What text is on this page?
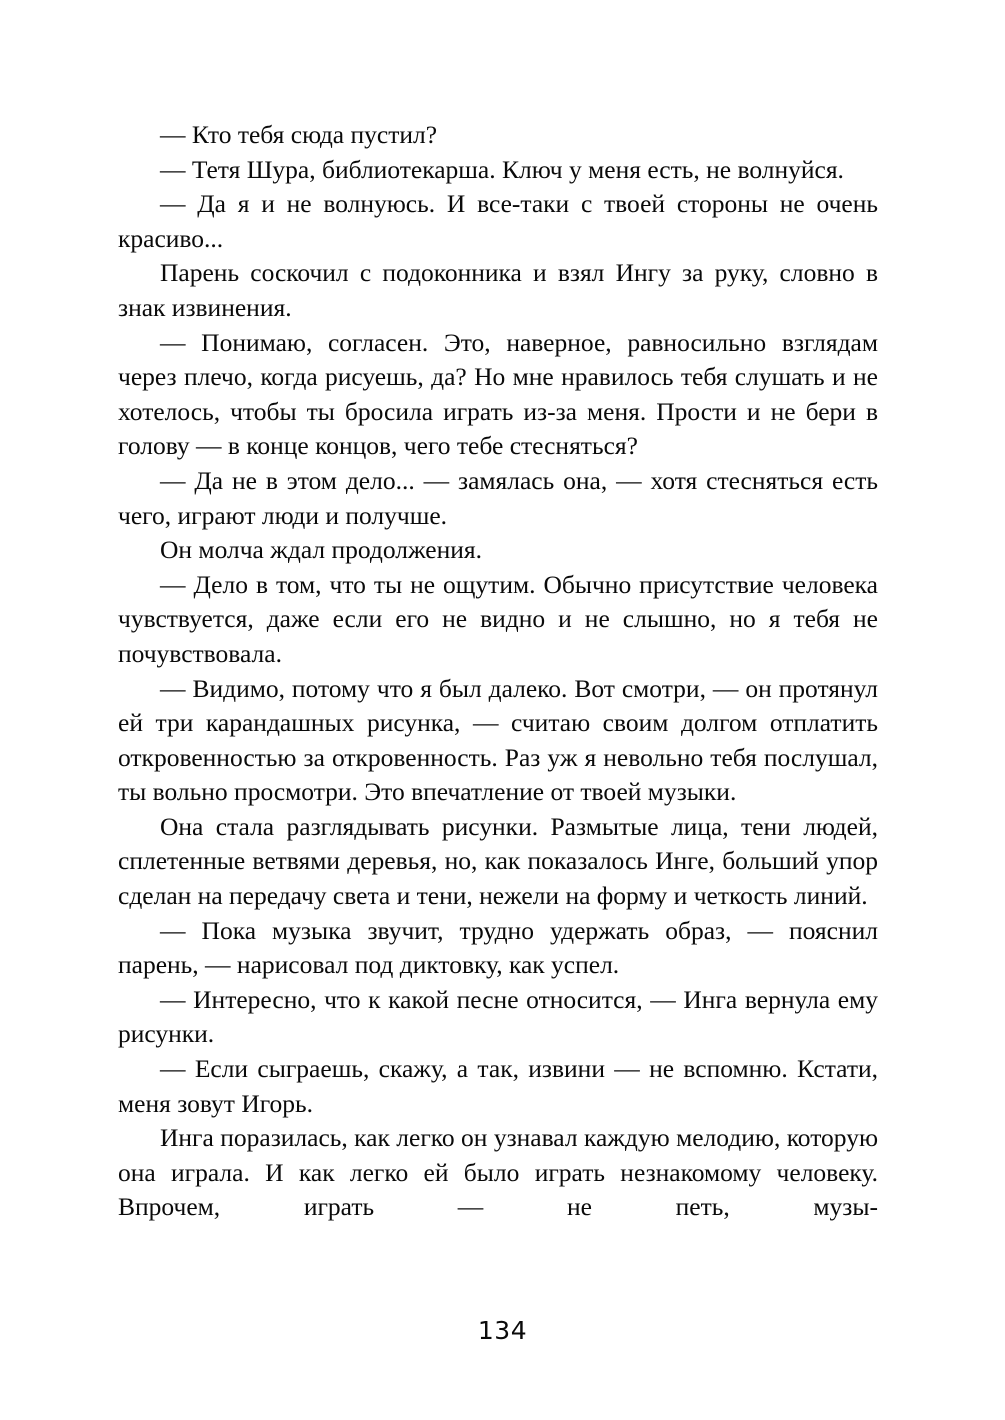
— Кто тебя сюда пустил?

— Тетя Шура, библиотекарша. Ключ у меня есть, не волнуйся.

— Да я и не волнуюсь. И все-таки с твоей стороны не очень красиво...

Парень соскочил с подоконника и взял Ингу за руку, словно в знак извинения.

— Понимаю, согласен. Это, наверное, равносильно взглядам через плечо, когда рисуешь, да? Но мне нравилось тебя слушать и не хотелось, чтобы ты бросила играть из-за меня. Прости и не бери в голову — в конце концов, чего тебе стесняться?

— Да не в этом дело... — замялась она, — хотя стесняться есть чего, играют люди и получше.

Он молча ждал продолжения.

— Дело в том, что ты не ощутим. Обычно присутствие человека чувствуется, даже если его не видно и не слышно, но я тебя не почувствовала.

— Видимо, потому что я был далеко. Вот смотри, — он протянул ей три карандашных рисунка, — считаю своим долгом отплатить откровенностью за откровенность. Раз уж я невольно тебя послушал, ты вольно просмотри. Это впечатление от твоей музыки.

Она стала разглядывать рисунки. Размытые лица, тени людей, сплетенные ветвями деревья, но, как показалось Инге, больший упор сделан на передачу света и тени, нежели на форму и четкость линий.

— Пока музыка звучит, трудно удержать образ, — пояснил парень, — нарисовал под диктовку, как успел.

— Интересно, что к какой песне относится, — Инга вернула ему рисунки.

— Если сыграешь, скажу, а так, извини — не вспомню. Кстати, меня зовут Игорь.

Инга поразилась, как легко он узнавал каждую мелодию, которую она играла. И как легко ей было играть незнакомому человеку. Впрочем, играть — не петь, музы-

134
